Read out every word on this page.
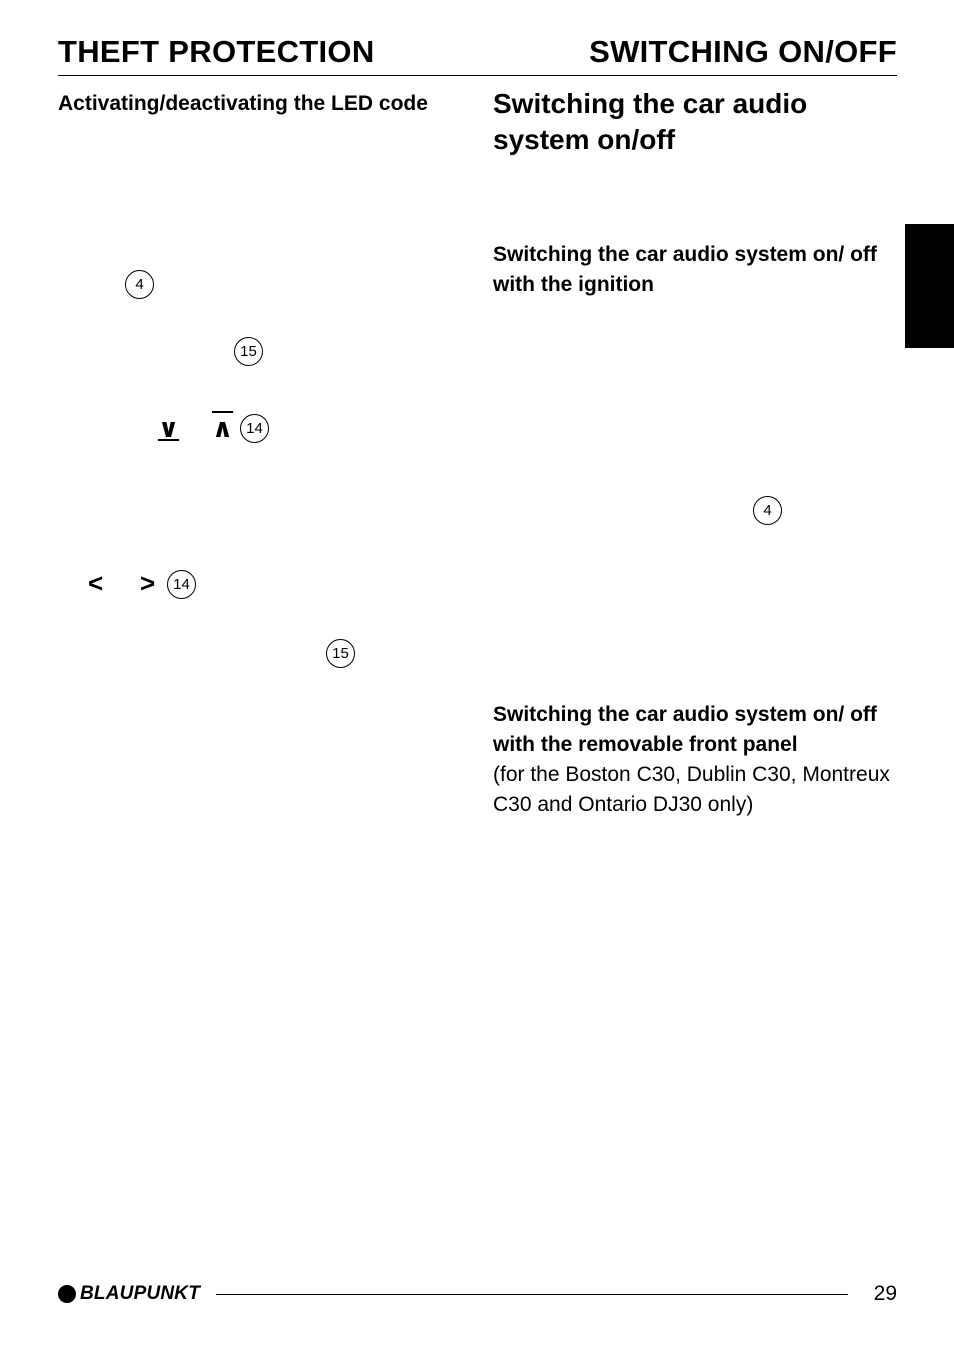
THEFT PROTECTION	SWITCHING ON/OFF
Activating/deactivating the LED code
4
15
∨ ∧ 14
< >	14
15
Switching the car audio system on/off
Switching the car audio system on/ off with the ignition
4
Switching the car audio system on/ off with the removable front panel
(for the Boston C30, Dublin C30, Montreux C30 and Ontario DJ30 only)
BLAUPUNKT	29
